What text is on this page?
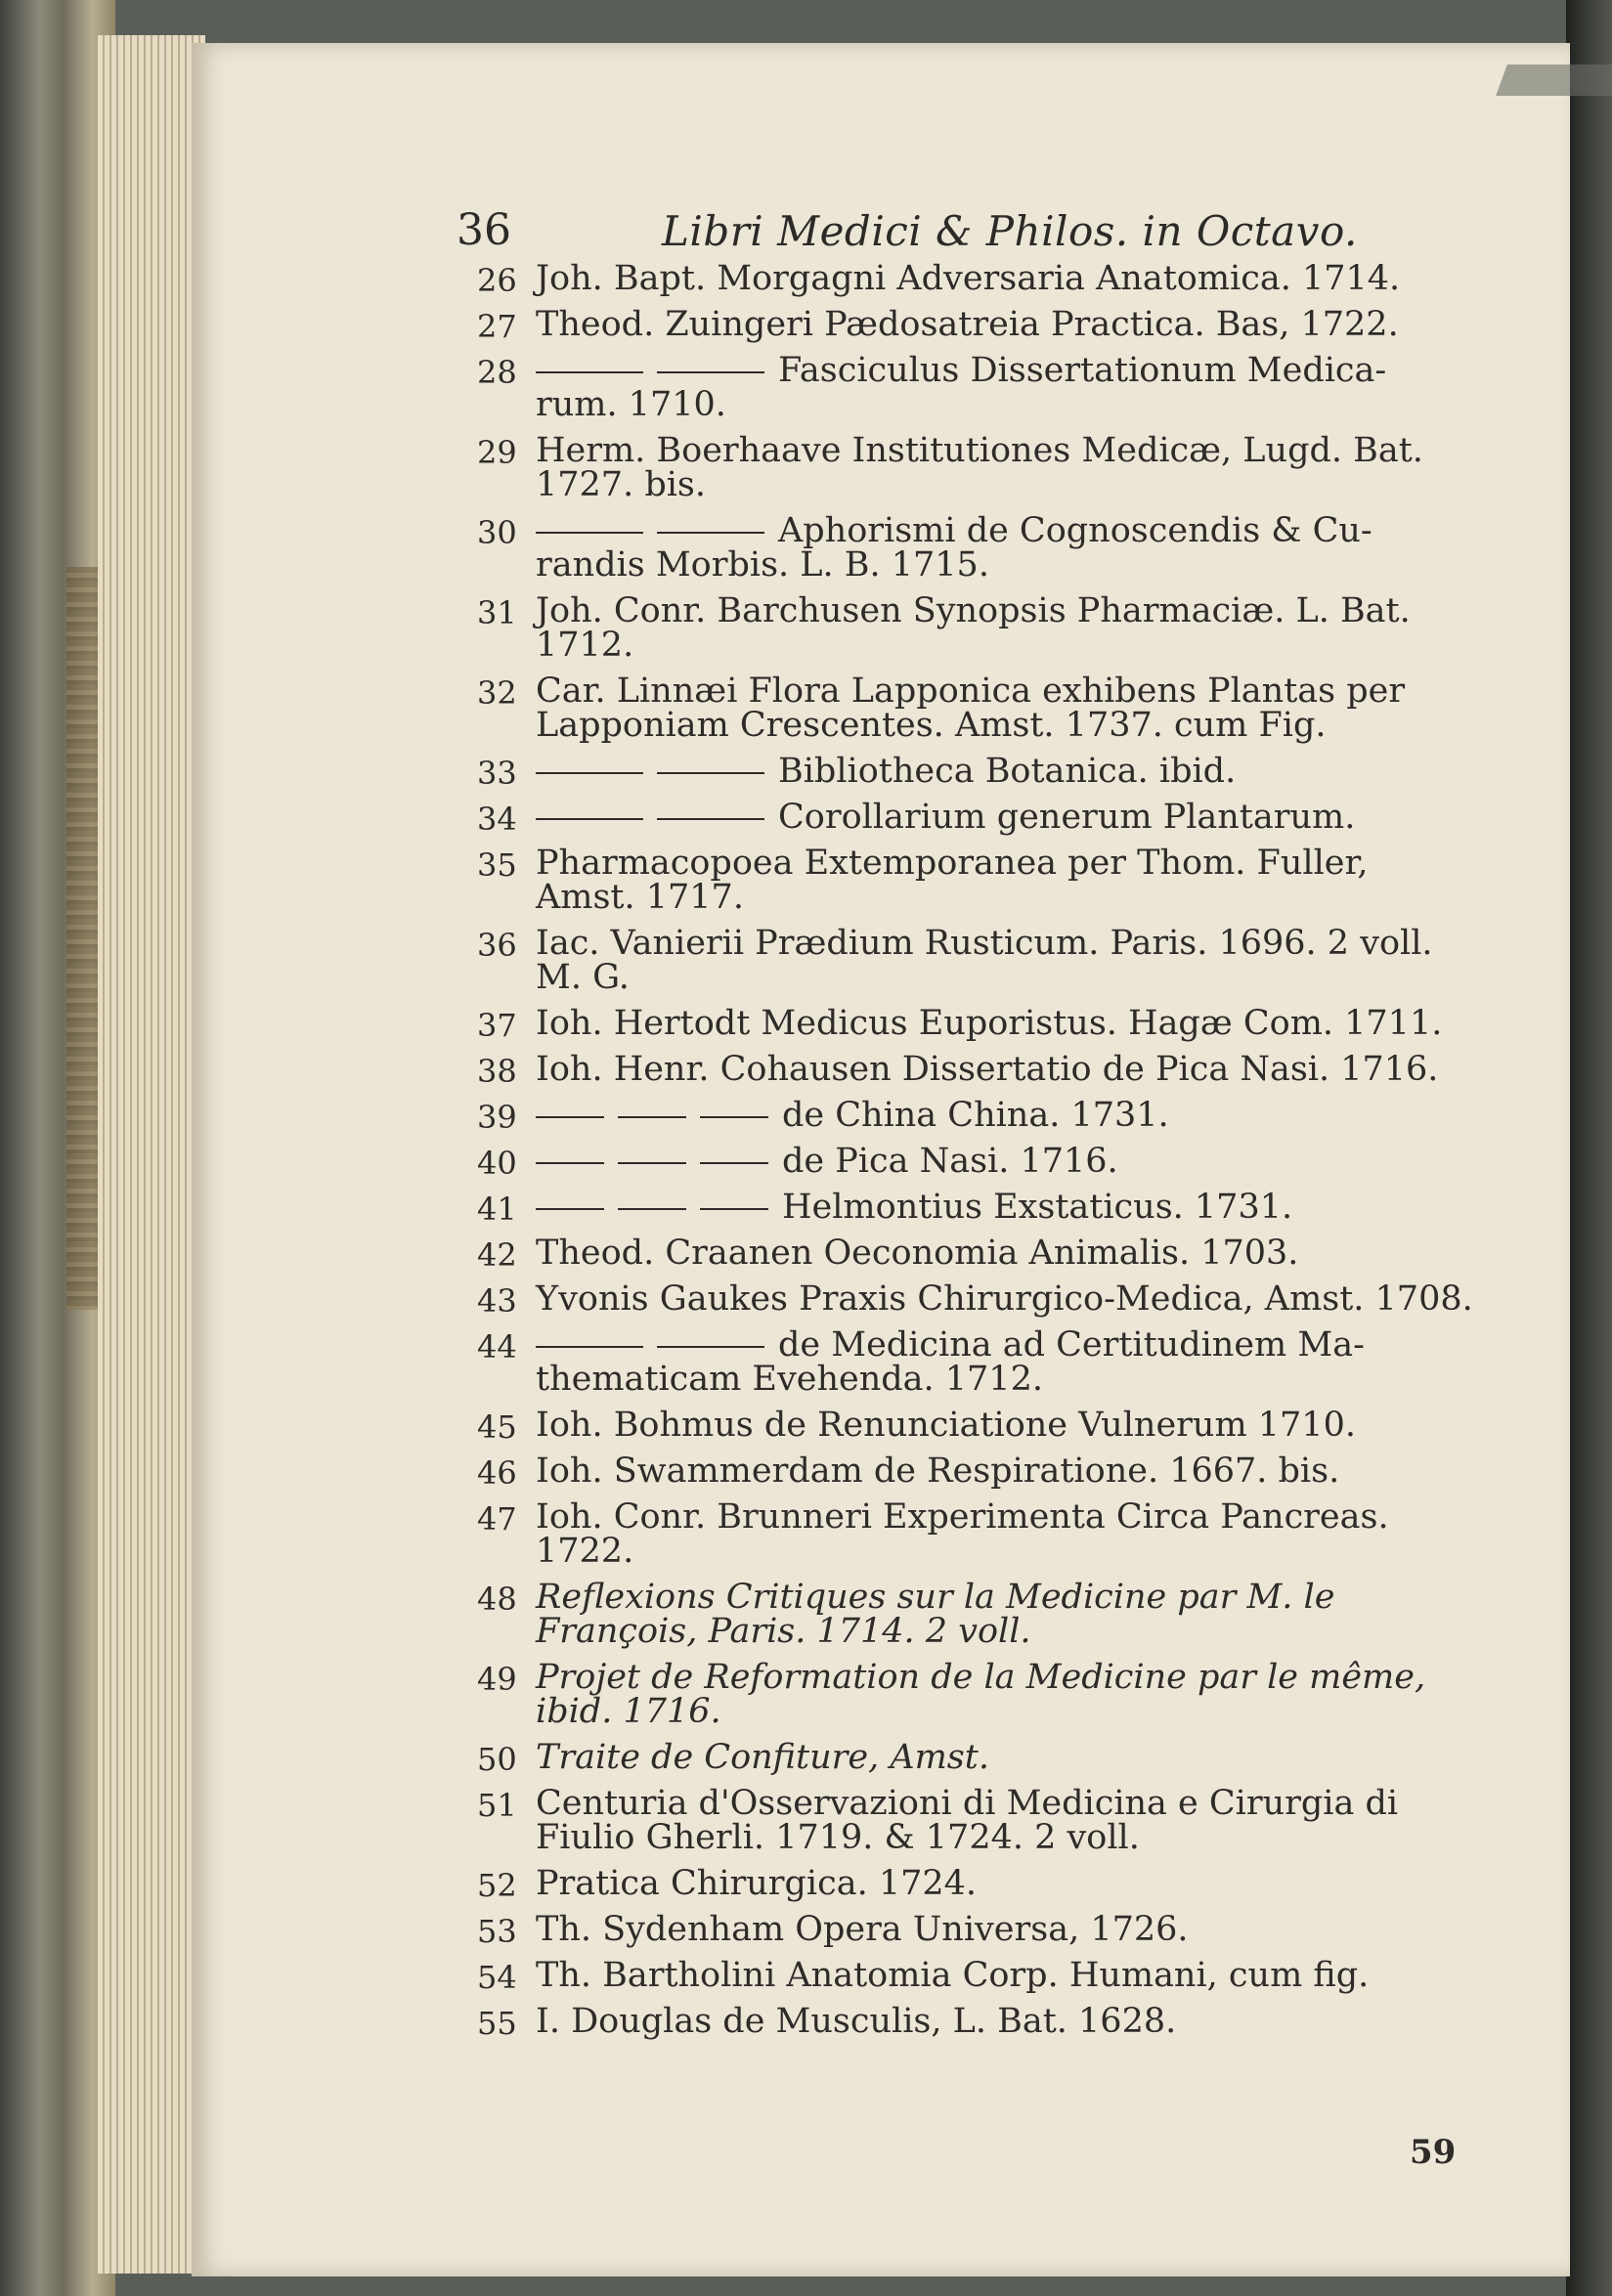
36	Libri Medici & Philos. in Octavo.
26 Joh. Bapt. Morgagni Adversaria Anatomica. 1714.
27 Theod. Zuingeri Pædosatreia Practica. Bas, 1722.
28	Fasciculus Dissertationum Medica- rum. 1710.
29 Herm. Boerhaave Institutiones Medicæ, Lugd. Bat. 1727. bis.
30	Aphorismi de Cognoscendis & Cu- randis Morbis. L. B. 1715.
31 Joh. Conr. Barchusen Synopsis Pharmaciæ. L. Bat. 1712.
32 Car. Linnæi Flora Lapponica exhibens Plantas per Lapponiam Crescentes. Amst. 1737. cum Fig.
33	Bibliotheca Botanica. ibid.
34	Corollarium generum Plantarum.
35 Pharmacopoea Extemporanea per Thom. Fuller, Amst. 1717.
36 Iac. Vanierii Prædium Rusticum. Paris. 1696. 2 voll. M. G.
37 Ioh. Hertodt Medicus Euporistus. Hagæ Com. 1711.
38 Ioh. Henr. Cohausen Dissertatio de Pica Nasi. 1716.
39	de China China. 1731.
40	de Pica Nasi. 1716.
41	Helmontius Exstaticus. 1731.
42 Theod. Craanen Oeconomia Animalis. 1703.
43 Yvonis Gaukes Praxis Chirurgico-Medica, Amst. 1708.
44	de Medicina ad Certitudinem Ma- thematicam Evehenda. 1712.
45 Ioh. Bohmus de Renunciatione Vulnerum 1710.
46 Ioh. Swammerdam de Respiratione. 1667. bis.
47 Ioh. Conr. Brunneri Experimenta Circa Pancreas. 1722.
48 Reflexions Critiques sur la Medicine par M. le François, Paris. 1714. 2 voll.
49 Projet de Reformation de la Medicine par le même, ibid. 1716.
50 Traite de Confiture, Amst.
51 Centuria d'Osservazioni di Medicina e Cirurgia di Fiulio Gherli. 1719. & 1724. 2 voll.
52 Pratica Chirurgica. 1724.
53 Th. Sydenham Opera Universa, 1726.
54 Th. Bartholini Anatomia Corp. Humani, cum fig.
55 I. Douglas de Musculis, L. Bat. 1628.
59
